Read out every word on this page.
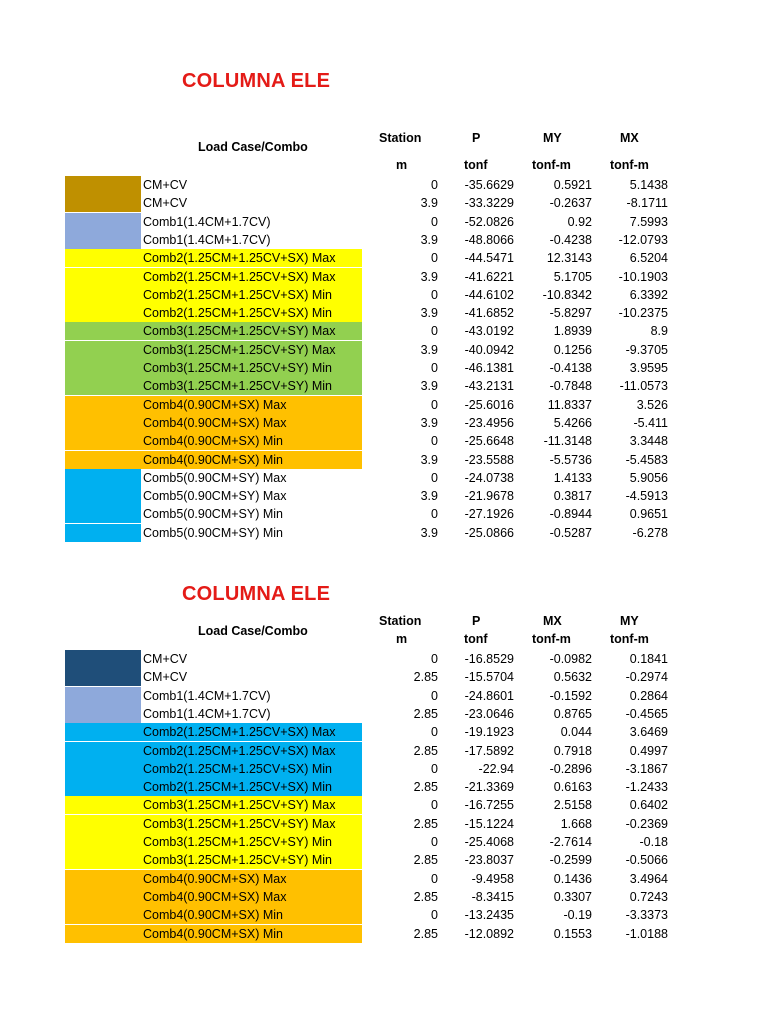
COLUMNA ELE
Load Case/Combo
Station	P	MY	MX
m	tonf	tonf-m	tonf-m
CM+CV	0	-35.6629	0.5921	5.1438
CM+CV	3.9	-33.3229	-0.2637	-8.1711
Comb1(1.4CM+1.7CV)	0	-52.0826	0.92	7.5993
Comb1(1.4CM+1.7CV)	3.9	-48.8066	-0.4238	-12.0793
Comb2(1.25CM+1.25CV+SX) Max	0	-44.5471	12.3143	6.5204
Comb2(1.25CM+1.25CV+SX) Max	3.9	-41.6221	5.1705	-10.1903
Comb2(1.25CM+1.25CV+SX) Min	0	-44.6102	-10.8342	6.3392
Comb2(1.25CM+1.25CV+SX) Min	3.9	-41.6852	-5.8297	-10.2375
Comb3(1.25CM+1.25CV+SY) Max	0	-43.0192	1.8939	8.9
Comb3(1.25CM+1.25CV+SY) Max	3.9	-40.0942	0.1256	-9.3705
Comb3(1.25CM+1.25CV+SY) Min	0	-46.1381	-0.4138	3.9595
Comb3(1.25CM+1.25CV+SY) Min	3.9	-43.2131	-0.7848	-11.0573
Comb4(0.90CM+SX) Max	0	-25.6016	11.8337	3.526
Comb4(0.90CM+SX) Max	3.9	-23.4956	5.4266	-5.411
Comb4(0.90CM+SX) Min	0	-25.6648	-11.3148	3.3448
Comb4(0.90CM+SX) Min	3.9	-23.5588	-5.5736	-5.4583
Comb5(0.90CM+SY) Max	0	-24.0738	1.4133	5.9056
Comb5(0.90CM+SY) Max	3.9	-21.9678	0.3817	-4.5913
Comb5(0.90CM+SY) Min	0	-27.1926	-0.8944	0.9651
Comb5(0.90CM+SY) Min	3.9	-25.0866	-0.5287	-6.278
COLUMNA ELE
Load Case/Combo
Station	P	MX	MY
m	tonf	tonf-m	tonf-m
CM+CV	0	-16.8529	-0.0982	0.1841
CM+CV	2.85	-15.5704	0.5632	-0.2974
Comb1(1.4CM+1.7CV)	0	-24.8601	-0.1592	0.2864
Comb1(1.4CM+1.7CV)	2.85	-23.0646	0.8765	-0.4565
Comb2(1.25CM+1.25CV+SX) Max	0	-19.1923	0.044	3.6469
Comb2(1.25CM+1.25CV+SX) Max	2.85	-17.5892	0.7918	0.4997
Comb2(1.25CM+1.25CV+SX) Min	0	-22.94	-0.2896	-3.1867
Comb2(1.25CM+1.25CV+SX) Min	2.85	-21.3369	0.6163	-1.2433
Comb3(1.25CM+1.25CV+SY) Max	0	-16.7255	2.5158	0.6402
Comb3(1.25CM+1.25CV+SY) Max	2.85	-15.1224	1.668	-0.2369
Comb3(1.25CM+1.25CV+SY) Min	0	-25.4068	-2.7614	-0.18
Comb3(1.25CM+1.25CV+SY) Min	2.85	-23.8037	-0.2599	-0.5066
Comb4(0.90CM+SX) Max	0	-9.4958	0.1436	3.4964
Comb4(0.90CM+SX) Max	2.85	-8.3415	0.3307	0.7243
Comb4(0.90CM+SX) Min	0	-13.2435	-0.19	-3.3373
Comb4(0.90CM+SX) Min	2.85	-12.0892	0.1553	-1.0188
